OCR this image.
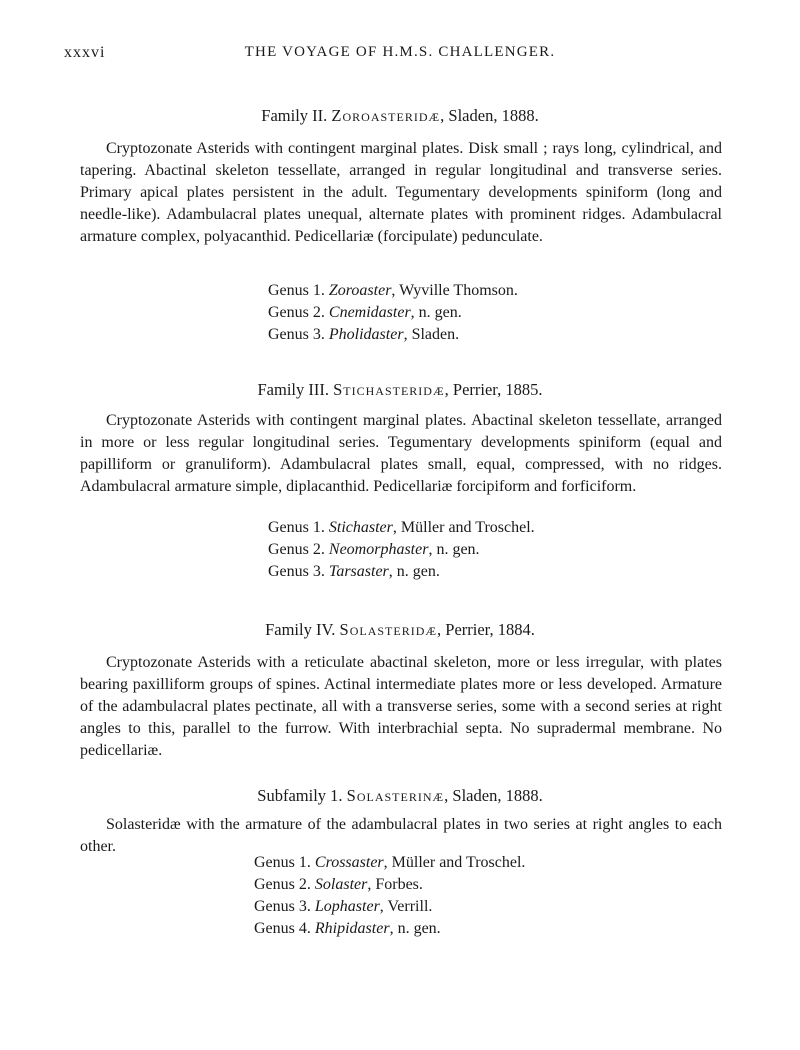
xxxvi	THE VOYAGE OF H.M.S. CHALLENGER.
Family II. Zoroasteridæ, Sladen, 1888.

Cryptozonate Asterids with contingent marginal plates. Disk small ; rays long, cylindrical, and tapering. Abactinal skeleton tessellate, arranged in regular longitudinal and transverse series. Primary apical plates persistent in the adult. Tegumentary developments spiniform (long and needle-like). Adambulacral plates unequal, alternate plates with prominent ridges. Adambulacral armature complex, polyacanthid. Pedicellariæ (forcipulate) pedunculate.

Genus 1. Zoroaster, Wyville Thomson.
Genus 2. Cnemidaster, n. gen.
Genus 3. Pholidaster, Sladen.
Family III. Stichasteridæ, Perrier, 1885.

Cryptozonate Asterids with contingent marginal plates. Abactinal skeleton tessellate, arranged in more or less regular longitudinal series. Tegumentary developments spiniform (equal and papilliform or granuliform). Adambulacral plates small, equal, compressed, with no ridges. Adambulacral armature simple, diplacanthid. Pedicellariæ forcipiform and forficiform.

Genus 1. Stichaster, Müller and Troschel.
Genus 2. Neomorphaster, n. gen.
Genus 3. Tarsaster, n. gen.
Family IV. Solasteridæ, Perrier, 1884.

Cryptozonate Asterids with a reticulate abactinal skeleton, more or less irregular, with plates bearing paxilliform groups of spines. Actinal intermediate plates more or less developed. Armature of the adambulacral plates pectinate, all with a transverse series, some with a second series at right angles to this, parallel to the furrow. With interbrachial septa. No supradermal membrane. No pedicellariæ.

Subfamily 1. Solasterinæ, Sladen, 1888.

Solasteridæ with the armature of the adambulacral plates in two series at right angles to each other.

Genus 1. Crossaster, Müller and Troschel.
Genus 2. Solaster, Forbes.
Genus 3. Lophaster, Verrill.
Genus 4. Rhipidaster, n. gen.
